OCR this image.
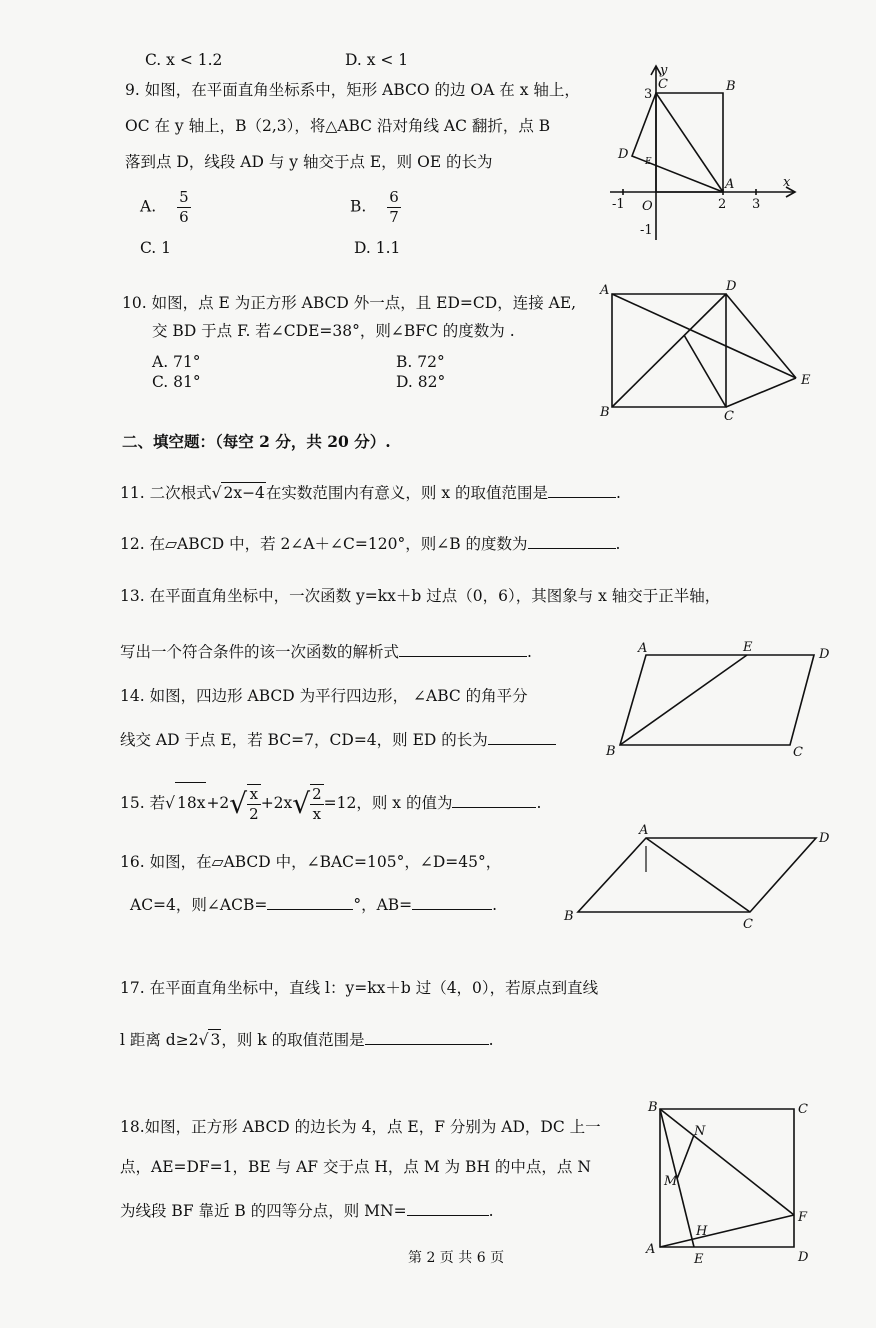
C. x < 1.2	D. x < 1
9. 如图，在平面直角坐标系中，矩形 ABCO 的边 OA 在 x 轴上，
OC 在 y 轴上，B（2,3），将△ABC 沿对角线 AC 翻折，点 B
落到点 D，线段 AD 与 y 轴交于点 E，则 OE 的长为
A. $\frac{5}{6}$	B. $\frac{6}{7}$
C. 1	D. 1.1
C	B
D E
A
O
x
y
3
-1	2 3
-1
10. 如图，点 E 为正方形 ABCD 外一点，且 ED=CD，连接 AE,
交 BD 于点 F. 若∠CDE=38°，则∠BFC 的度数为 .
A. 71°	B. 72°
C. 81°	D. 82°
A	D
B	C
E
二、填空题：（每空 2 分，共 20 分）.
11. 二次根式√ 2x−4在实数范围内有意义，则 x 的取值范围是	.
12. 在▱ABCD 中，若 2∠A＋∠C=120°，则∠B 的度数为	.
13. 在平面直角坐标中，一次函数 y=kx＋b 过点（0，6），其图象与 x 轴交于正半轴，
写出一个符合条件的该一次函数的解析式	.
14. 如图，四边形 ABCD 为平行四边形， ∠ABC 的角平分
线交 AD 于点 E，若 BC=7，CD=4，则 ED 的长为
A	E	D
B	C
15. 若√ $18x+2√ \frac{x}{2} +2x√ \frac{2}{x} =12$，则 x 的值为	.
16. 如图，在▱ABCD 中，∠BAC=105°，∠D=45°，
AC=4，则∠ACB=	°，AB=	.
A
D
B
C
17. 在平面直角坐标中，直线 l：y=kx＋b 过（4，0），若原点到直线
l 距离 d≥2√ 3，则 k 的取值范围是	.
18.如图，正方形 ABCD 的边长为 4，点 E，F 分别为 AD，DC 上一
点，AE=DF=1，BE 与 AF 交于点 H，点 M 为 BH 的中点，点 N
为线段 BF 靠近 B 的四等分点，则 MN=	.
B	C
N
M
F
H
A
E	D
第 2 页 共 6 页
